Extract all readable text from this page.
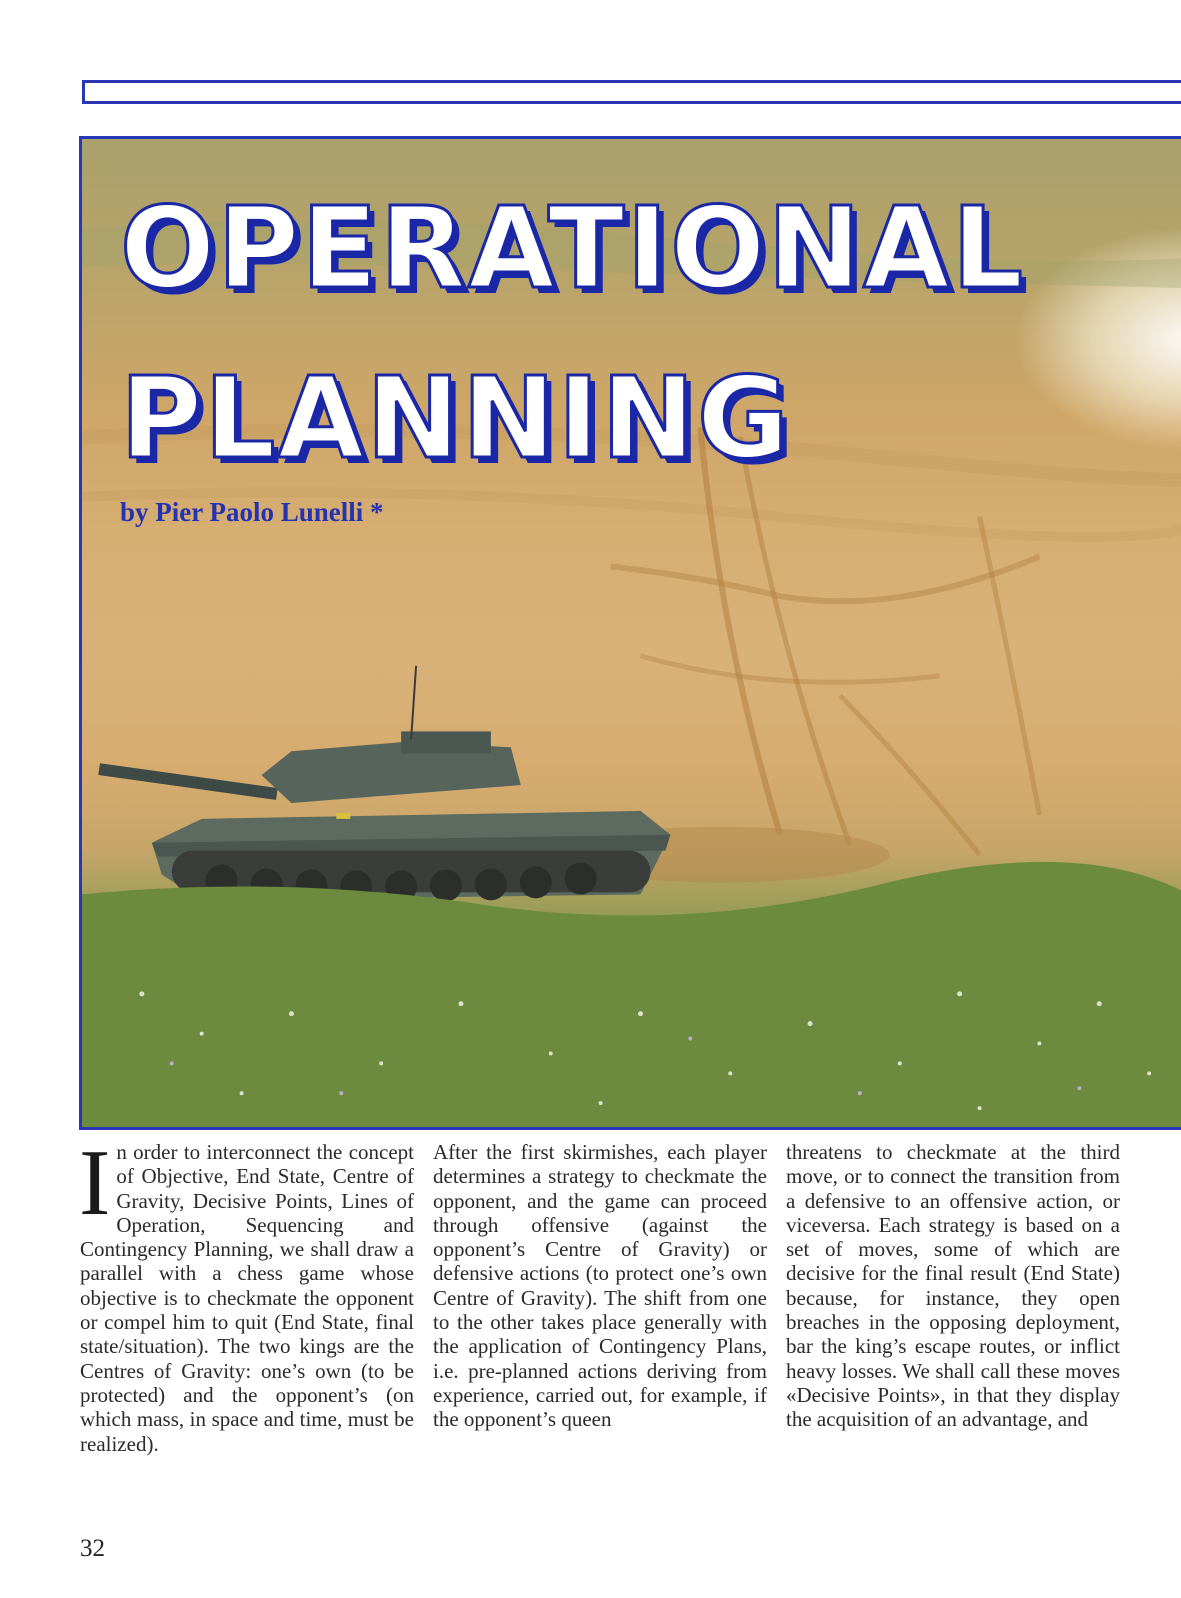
OPERATIONAL
PLANNING

by Pier Paolo Lunelli *

In order to interconnect the concept of Objective, End State, Centre of Gravity, Decisive Points, Lines of Operation, Sequencing and Contingency Planning, we shall draw a parallel with a chess game whose objective is to checkmate the opponent or compel him to quit (End State, final state/situation). The two kings are the Centres of Gravity: one’s own (to be protected) and the opponent’s (on which mass, in space and time, must be realized).

After the first skirmishes, each player determines a strategy to checkmate the opponent, and the game can proceed through offensive (against the opponent’s Centre of Gravity) or defensive actions (to protect one’s own Centre of Gravity). The shift from one to the other takes place generally with the application of Contingency Plans, i.e. pre-planned actions deriving from experience, carried out, for example, if the opponent’s queen

threatens to checkmate at the third move, or to connect the transition from a defensive to an offensive action, or viceversa. Each strategy is based on a set of moves, some of which are decisive for the final result (End State) because, for instance, they open breaches in the opposing deployment, bar the king’s escape routes, or inflict heavy losses. We shall call these moves «Decisive Points», in that they display the acquisition of an advantage, and

32
